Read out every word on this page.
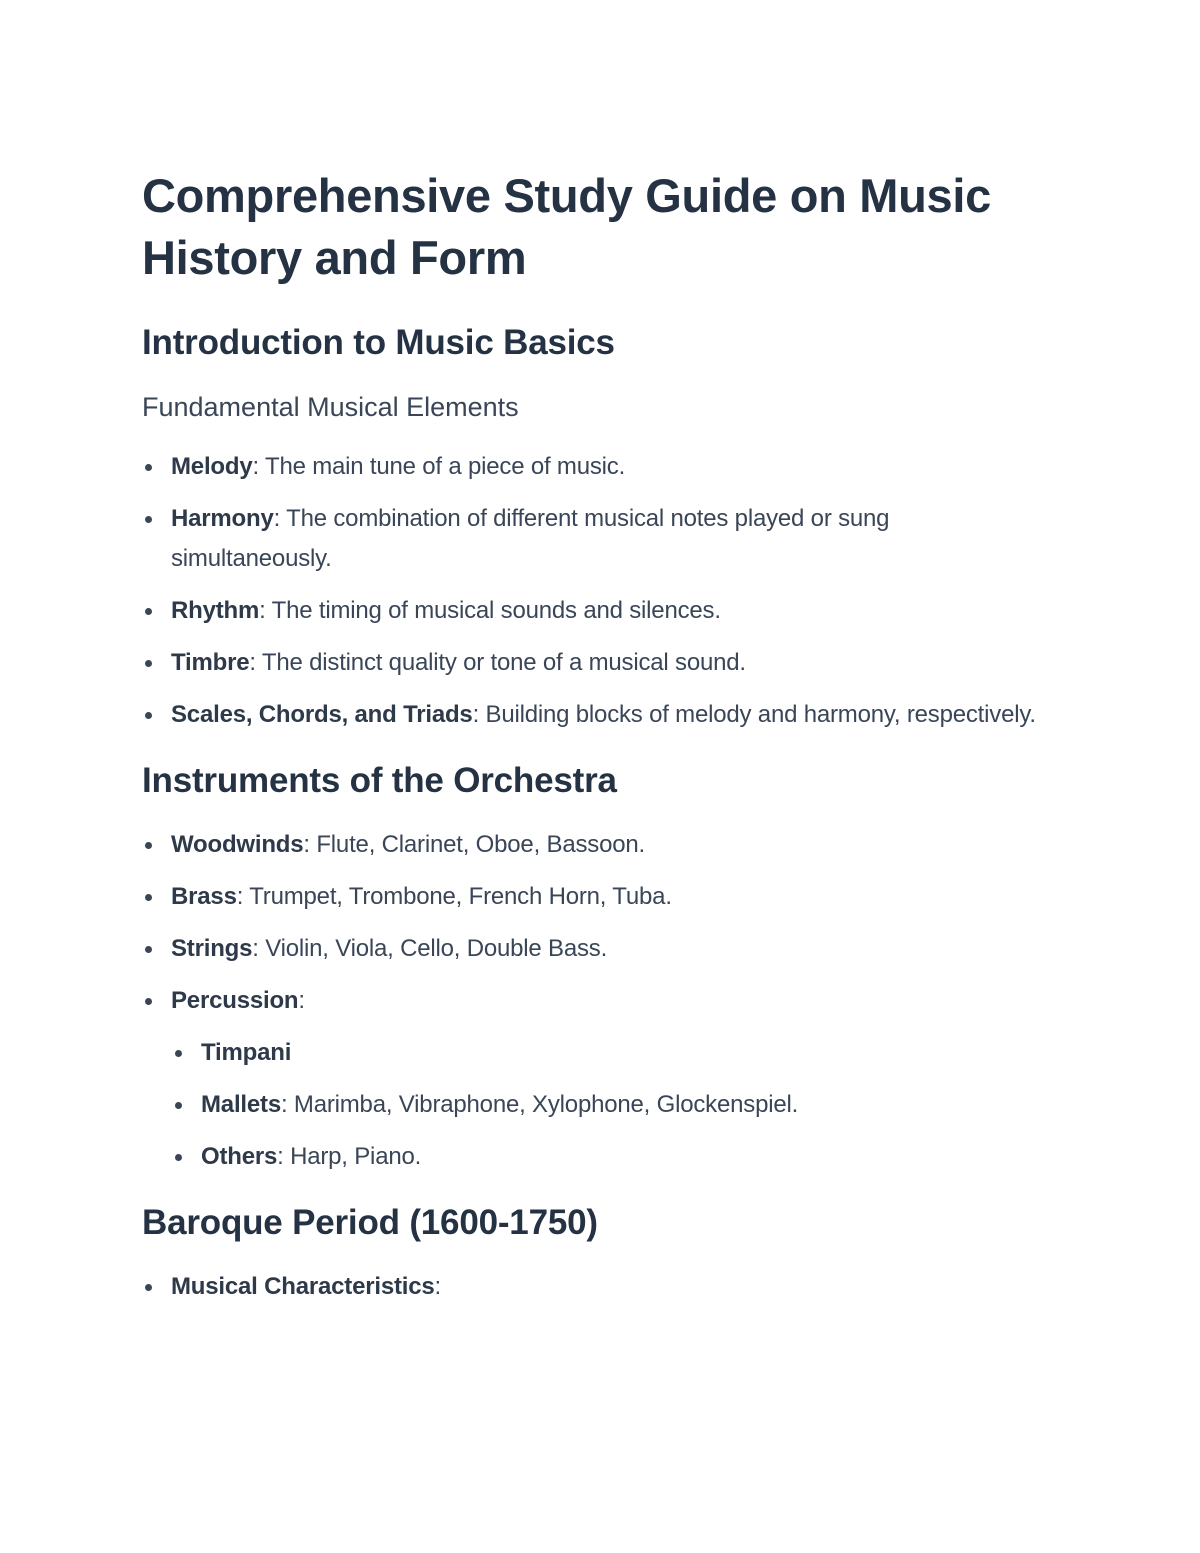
Comprehensive Study Guide on Music History and Form
Introduction to Music Basics
Fundamental Musical Elements
Melody: The main tune of a piece of music.
Harmony: The combination of different musical notes played or sung simultaneously.
Rhythm: The timing of musical sounds and silences.
Timbre: The distinct quality or tone of a musical sound.
Scales, Chords, and Triads: Building blocks of melody and harmony, respectively.
Instruments of the Orchestra
Woodwinds: Flute, Clarinet, Oboe, Bassoon.
Brass: Trumpet, Trombone, French Horn, Tuba.
Strings: Violin, Viola, Cello, Double Bass.
Percussion:
Timpani
Mallets: Marimba, Vibraphone, Xylophone, Glockenspiel.
Others: Harp, Piano.
Baroque Period (1600-1750)
Musical Characteristics:
